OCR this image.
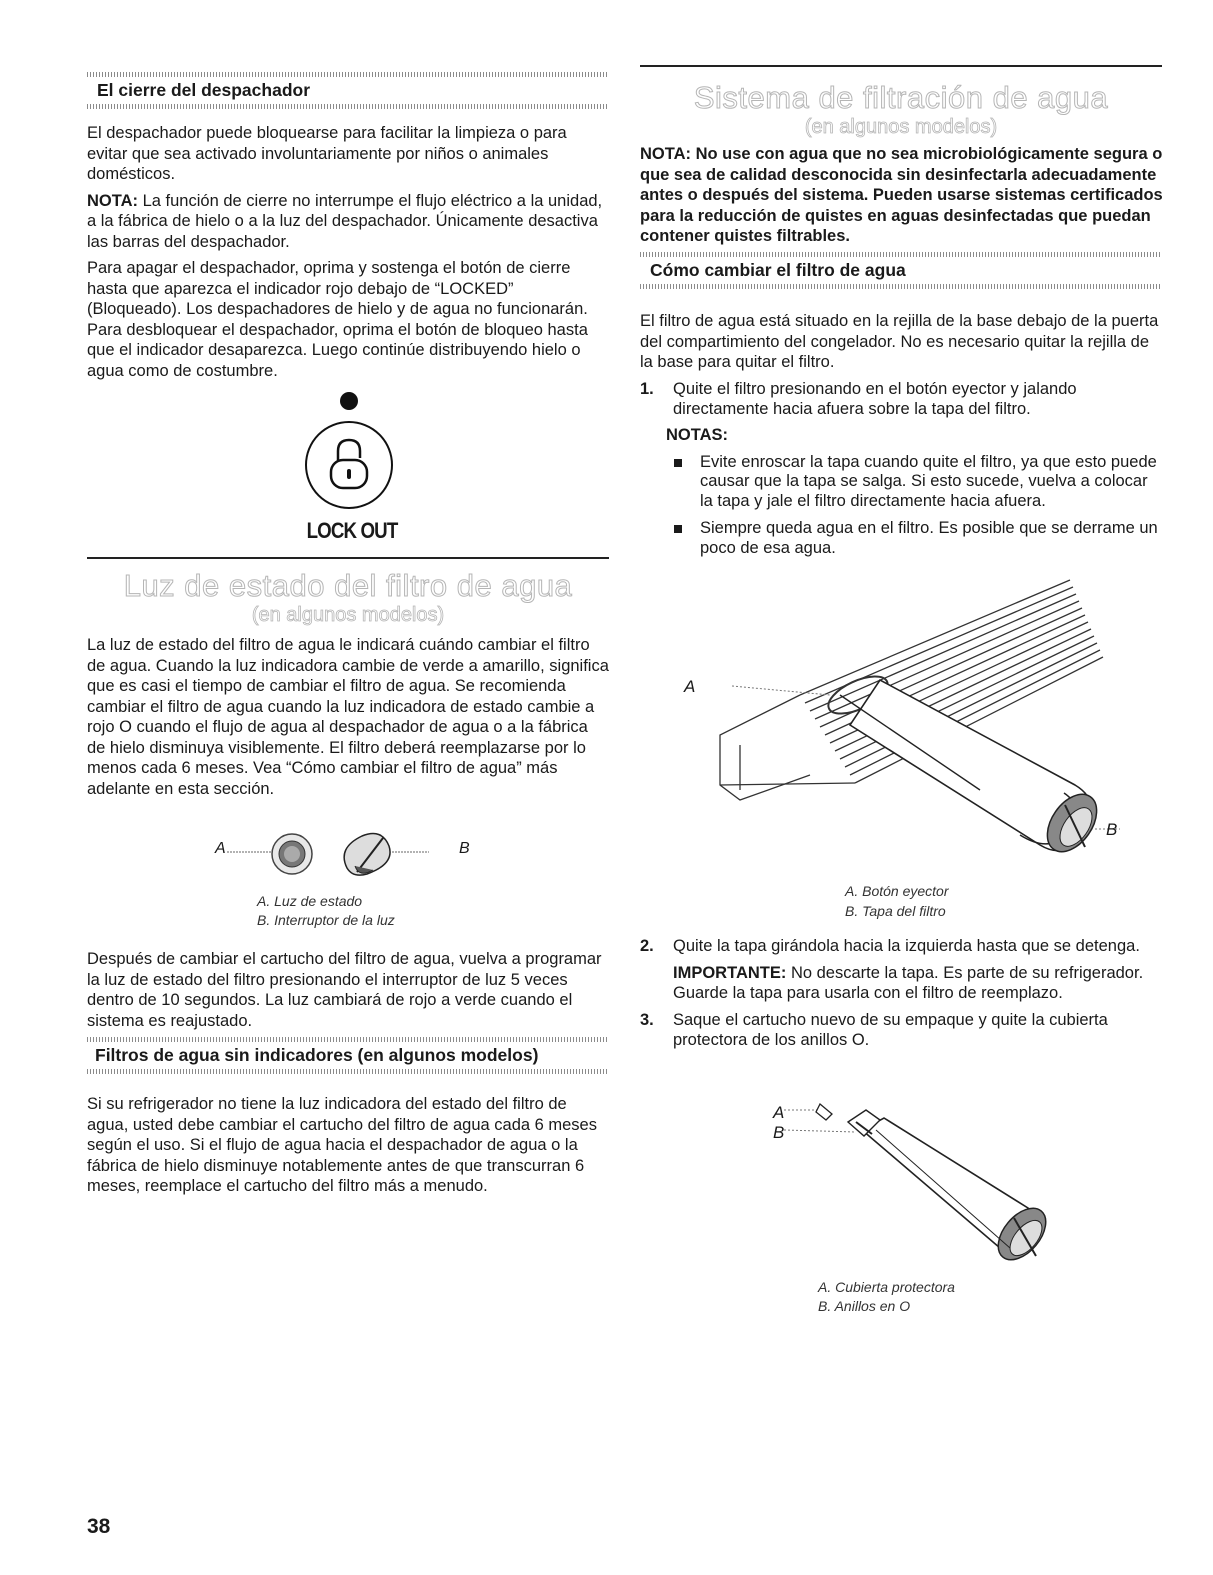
El cierre del despachador

El despachador puede bloquearse para facilitar la limpieza o para evitar que sea activado involuntariamente por niños o animales domésticos.

NOTA: La función de cierre no interrumpe el flujo eléctrico a la unidad, a la fábrica de hielo o a la luz del despachador. Únicamente desactiva las barras del despachador.

Para apagar el despachador, oprima y sostenga el botón de cierre hasta que aparezca el indicador rojo debajo de “LOCKED” (Bloqueado). Los despachadores de hielo y de agua no funcionarán. Para desbloquear el despachador, oprima el botón de bloqueo hasta que el indicador desaparezca. Luego continúe distribuyendo hielo o agua como de costumbre.

LOCK OUT
Luz de estado del filtro de agua
(en algunos modelos)

La luz de estado del filtro de agua le indicará cuándo cambiar el filtro de agua. Cuando la luz indicadora cambie de verde a amarillo, significa que es casi el tiempo de cambiar el filtro de agua. Se recomienda cambiar el filtro de agua cuando la luz indicadora de estado cambie a rojo O cuando el flujo de agua al despachador de agua o a la fábrica de hielo disminuya visiblemente. El filtro deberá reemplazarse por lo menos cada 6 meses. Vea “Cómo cambiar el filtro de agua” más adelante en esta sección.

A	B
A. Luz de estado
B. Interruptor de la luz

Después de cambiar el cartucho del filtro de agua, vuelva a programar la luz de estado del filtro presionando el interruptor de luz 5 veces dentro de 10 segundos. La luz cambiará de rojo a verde cuando el sistema es reajustado.

Filtros de agua sin indicadores (en algunos modelos)

Si su refrigerador no tiene la luz indicadora del estado del filtro de agua, usted debe cambiar el cartucho del filtro de agua cada 6 meses según el uso. Si el flujo de agua hacia el despachador de agua o la fábrica de hielo disminuye notablemente antes de que transcurran 6 meses, reemplace el cartucho del filtro más a menudo.

Sistema de filtración de agua
(en algunos modelos)

NOTA: No use con agua que no sea microbiológicamente segura o que sea de calidad desconocida sin desinfectarla adecuadamente antes o después del sistema. Pueden usarse sistemas certificados para la reducción de quistes en aguas desinfectadas que puedan contener quistes filtrables.

Cómo cambiar el filtro de agua

El filtro de agua está situado en la rejilla de la base debajo de la puerta del compartimiento del congelador. No es necesario quitar la rejilla de la base para quitar el filtro.

1.	Quite el filtro presionando en el botón eyector y jalando directamente hacia afuera sobre la tapa del filtro.
NOTAS:
Evite enroscar la tapa cuando quite el filtro, ya que esto puede causar que la tapa se salga. Si esto sucede, vuelva a colocar la tapa y jale el filtro directamente hacia afuera.
Siempre queda agua en el filtro. Es posible que se derrame un poco de esa agua.
A
B
A. Botón eyector
B. Tapa del filtro
2.	Quite la tapa girándola hacia la izquierda hasta que se detenga.

IMPORTANTE: No descarte la tapa. Es parte de su refrigerador. Guarde la tapa para usarla con el filtro de reemplazo.

3.	Saque el cartucho nuevo de su empaque y quite la cubierta protectora de los anillos O.
A
B
A. Cubierta protectora
B. Anillos en O
38
